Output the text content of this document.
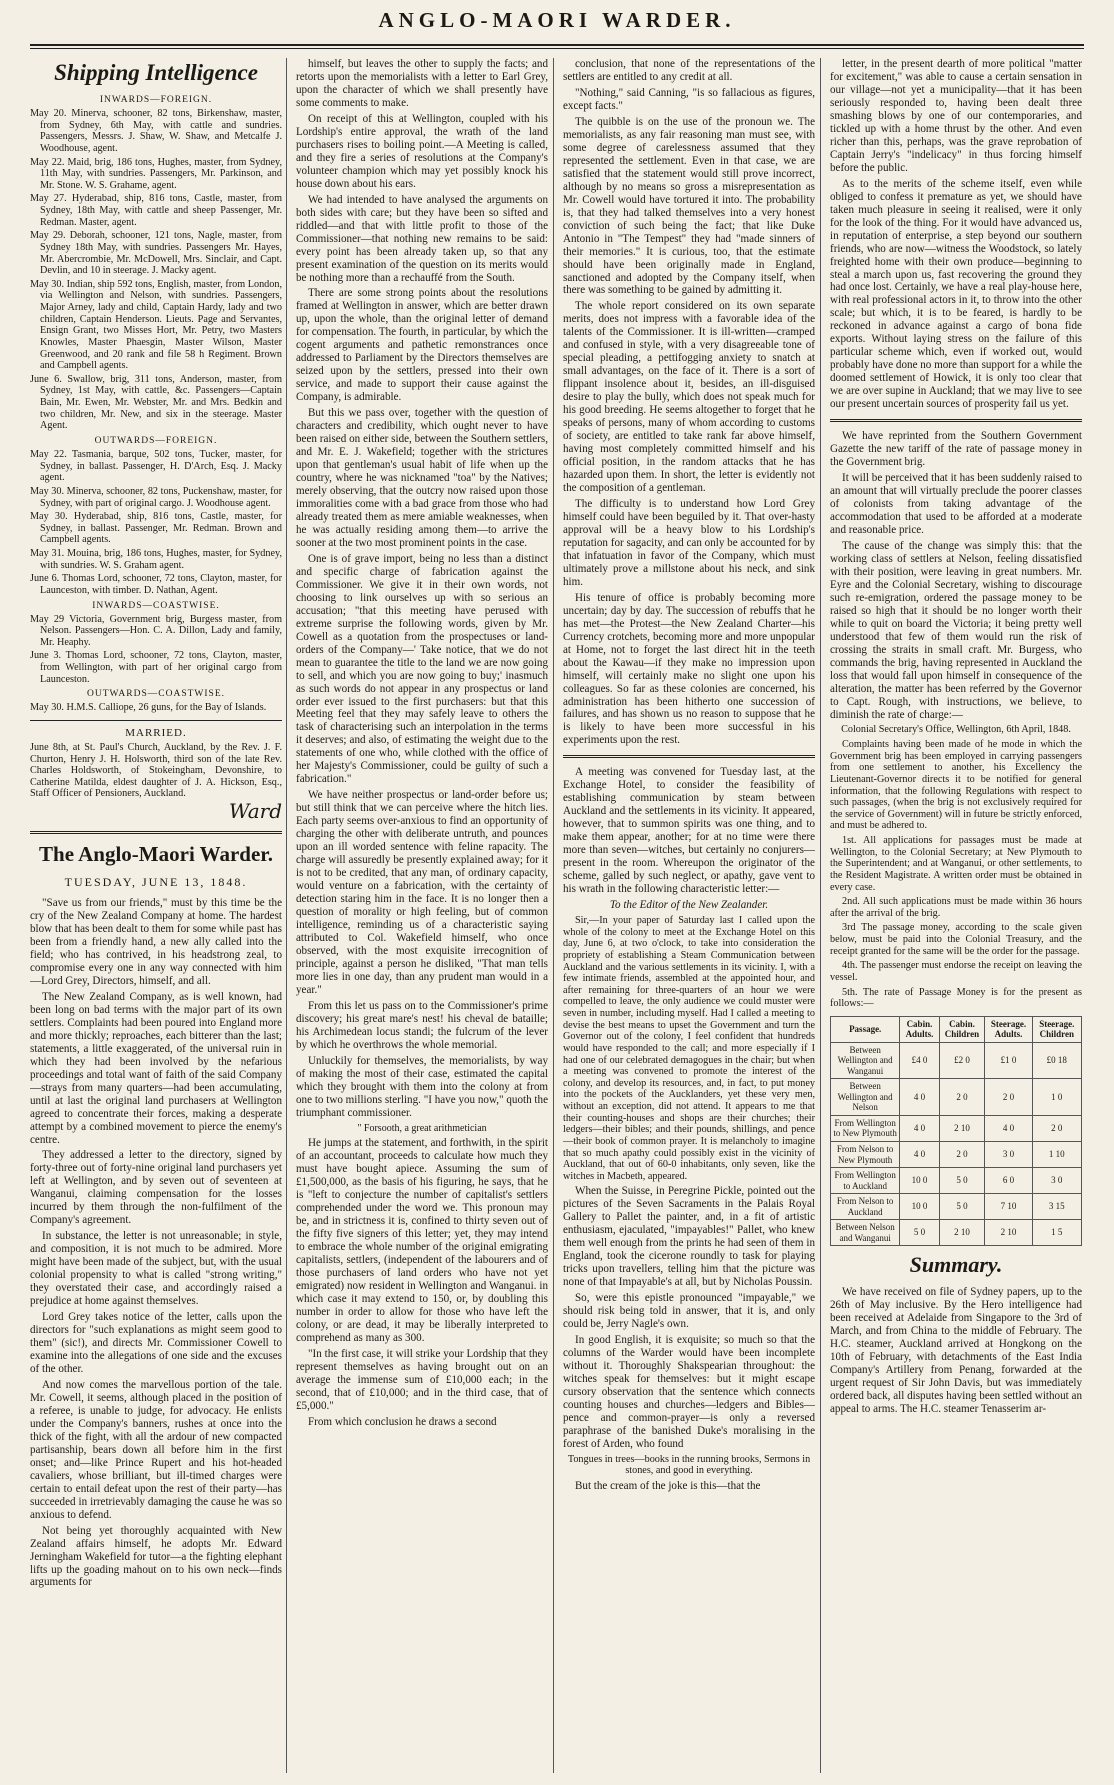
ANGLO-MAORI WARDER.
Shipping Intelligence
INWARDS—FOREIGN.
May 20. Minerva, schooner, 82 tons, Birkenshaw, master, from Sydney, 6th May, with cattle and sundries. Passengers, Messrs. J. Shaw, W. Shaw, and Metcalfe J. Woodhouse, agent.
May 22. Maid, brig, 186 tons, Hughes, master, from Sydney, 11th May, with sundries. Passengers, Mr. Parkinson, and Mr. Stone. W. S. Grahame, agent.
May 27. Hyderabad, ship, 816 tons, Castle, master, from Sydney, 18th May, with cattle and sheep Passenger, Mr. Redman. Master, agent.
May 29. Deborah, schooner, 121 tons, Nagle, master, from Sydney 18th May, with sundries. Passengers Mr. Hayes, Mr. Abercrombie, Mr. McDowell, Mrs. Sinclair, and Capt. Devlin, and 10 in steerage. J. Macky agent.
May 30. Indian, ship 592 tons, English, master, from London, via Wellington and Nelson, with sundries. Passengers, Major Arney, lady and child, Captain Hardy, lady and two children, Captain Henderson. Lieuts. Page and Servantes, Ensign Grant, two Misses Hort, Mr. Petry, two Masters Knowles, Master Phaesgin, Master Wilson, Master Greenwood, and 20 rank and file 58 h Regiment. Brown and Campbell agents.
June 6. Swallow, brig, 311 tons, Anderson, master, from Sydney, 1st May, with cattle, &c. Passengers—Captain Bain, Mr. Ewen, Mr. Webster, Mr. and Mrs. Bedkin and two children, Mr. New, and six in the steerage. Master Agent.
OUTWARDS—FOREIGN.
May 22. Tasmania, barque, 502 tons, Tucker, master, for Sydney, in ballast. Passenger, H. D'Arch, Esq. J. Macky agent.
May 30. Minerva, schooner, 82 tons, Puckenshaw, master, for Sydney, with part of original cargo. J. Woodhouse agent.
May 30. Hyderabad, ship, 816 tons, Castle, master, for Sydney, in ballast. Passenger, Mr. Redman. Brown and Campbell agents.
May 31. Mouina, brig, 186 tons, Hughes, master, for Sydney, with sundries. W. S. Graham agent.
June 6. Thomas Lord, schooner, 72 tons, Clayton, master, for Launceston, with timber. D. Nathan, Agent.
INWARDS—COASTWISE.
May 29 Victoria, Government brig, Burgess master, from Nelson. Passengers—Hon. C. A. Dillon, Lady and family, Mr. Heaphy.
June 3. Thomas Lord, schooner, 72 tons, Clayton, master, from Wellington, with part of her original cargo from Launceston.
OUTWARDS—COASTWISE.
May 30. H.M.S. Calliope, 26 guns, for the Bay of Islands.
MARRIED.
June 8th, at St. Paul's Church, Auckland, by the Rev. J. F. Churton, Henry J. H. Holsworth, third son of the late Rev. Charles Holdsworth, of Stokeingham, Devonshire, to Catherine Matilda, eldest daughter of J. A. Hickson, Esq., Staff Officer of Pensioners, Auckland.
Ward
The Anglo-Maori Warder.
TUESDAY, JUNE 13, 1848.

"Save us from our friends," must by this time be the cry of the New Zealand Company at home. The hardest blow that has been dealt to them for some while past has been from a friendly hand, a new ally called into the field; who has contrived, in his headstrong zeal, to compromise every one in any way connected with him—Lord Grey, Directors, himself, and all.

The New Zealand Company, as is well known, had been long on bad terms with the major part of its own settlers. Complaints had been poured into England more and more thickly; reproaches, each bitterer than the last; statements, a little exaggerated, of the universal ruin in which they had been involved by the nefarious proceedings and total want of faith of the said Company—strays from many quarters—had been accumulating, until at last the original land purchasers at Wellington agreed to concentrate their forces, making a desperate attempt by a combined movement to pierce the enemy's centre.

They addressed a letter to the directory, signed by forty-three out of forty-nine original land purchasers yet left at Wellington, and by seven out of seventeen at Wanganui, claiming compensation for the losses incurred by them through the non-fulfilment of the Company's agreement.

In substance, the letter is not unreasonable; in style, and composition, it is not much to be admired. More might have been made of the subject, but, with the usual colonial propensity to what is called "strong writing," they overstated their case, and accordingly raised a prejudice at home against themselves.

Lord Grey takes notice of the letter, calls upon the directors for "such explanations as might seem good to them" (sic!), and directs Mr. Commissioner Cowell to examine into the allegations of one side and the excuses of the other.

And now comes the marvellous portion of the tale. Mr. Cowell, it seems, although placed in the position of a referee, is unable to judge, for advocacy. He enlists under the Company's banners, rushes at once into the thick of the fight, with all the ardour of new compacted partisanship, bears down all before him in the first onset; and—like Prince Rupert and his hot-headed cavaliers, whose brilliant, but ill-timed charges were certain to entail defeat upon the rest of their party—has succeeded in irretrievably damaging the cause he was so anxious to defend.

Not being yet thoroughly acquainted with New Zealand affairs himself, he adopts Mr. Edward Jerningham Wakefield for tutor—a the fighting elephant lifts up the goading mahout on to his own neck—finds arguments for

himself, but leaves the other to supply the facts; and retorts upon the memorialists with a letter to Earl Grey, upon the character of which we shall presently have some comments to make.

On receipt of this at Wellington, coupled with his Lordship's entire approval, the wrath of the land purchasers rises to boiling point.—A Meeting is called, and they fire a series of resolutions at the Company's volunteer champion which may yet possibly knock his house down about his ears.

We had intended to have analysed the arguments on both sides with care; but they have been so sifted and riddled—and that with little profit to those of the Commissioner—that nothing new remains to be said: every point has been already taken up, so that any present examination of the question on its merits would be nothing more than a rechauffé from the South.

There are some strong points about the resolutions framed at Wellington in answer, which are better drawn up, upon the whole, than the original letter of demand for compensation. The fourth, in particular, by which the cogent arguments and pathetic remonstrances once addressed to Parliament by the Directors themselves are seized upon by the settlers, pressed into their own service, and made to support their cause against the Company, is admirable.

But this we pass over, together with the question of characters and credibility, which ought never to have been raised on either side, between the Southern settlers, and Mr. E. J. Wakefield; together with the strictures upon that gentleman's usual habit of life when up the country, where he was nicknamed "toa" by the Natives; merely observing, that the outcry now raised upon those immoralities come with a bad grace from those who had already treated them as mere amiable weaknesses, when he was actually residing among them—to arrive the sooner at the two most prominent points in the case.

One is of grave import, being no less than a distinct and specific charge of fabrication against the Commissioner. We give it in their own words, not choosing to link ourselves up with so serious an accusation; "that this meeting have perused with extreme surprise the following words, given by Mr. Cowell as a quotation from the prospectuses or land-orders of the Company—' Take notice, that we do not mean to guarantee the title to the land we are now going to sell, and which you are now going to buy;' inasmuch as such words do not appear in any prospectus or land order ever issued to the first purchasers: but that this Meeting feel that they may safely leave to others the task of characterising such an interpolation in the terms it deserves; and also, of estimating the weight due to the statements of one who, while clothed with the office of her Majesty's Commissioner, could be guilty of such a fabrication."

We have neither prospectus or land-order before us; but still think that we can perceive where the hitch lies. Each party seems over-anxious to find an opportunity of charging the other with deliberate untruth, and pounces upon an ill worded sentence with feline rapacity. The charge will assuredly be presently explained away; for it is not to be credited, that any man, of ordinary capacity, would venture on a fabrication, with the certainty of detection staring him in the face. It is no longer then a question of morality or high feeling, but of common intelligence, reminding us of a characteristic saying attributed to Col. Wakefield himself, who once observed, with the most exquisite irrecognition of principle, against a person he disliked, "That man tells more lies in one day, than any prudent man would in a year."

From this let us pass on to the Commissioner's prime discovery; his great mare's nest! his cheval de bataille; his Archimedean locus standi; the fulcrum of the lever by which he overthrows the whole memorial.

Unluckily for themselves, the memorialists, by way of making the most of their case, estimated the capital which they brought with them into the colony at from one to two millions sterling. "I have you now," quoth the triumphant commissioner.

" Forsooth, a great arithmetician

He jumps at the statement, and forthwith, in the spirit of an accountant, proceeds to calculate how much they must have bought apiece. Assuming the sum of £1,500,000, as the basis of his figuring, he says, that he is "left to conjecture the number of capitalist's settlers comprehended under the word we. This pronoun may be, and in strictness it is, confined to thirty seven out of the fifty five signers of this letter; yet, they may intend to embrace the whole number of the original emigrating capitalists, settlers, (independent of the labourers and of those purchasers of land orders who have not yet emigrated) now resident in Wellington and Wanganui. in which case it may extend to 150, or, by doubling this number in order to allow for those who have left the colony, or are dead, it may be liberally interpreted to comprehend as many as 300.

"In the first case, it will strike your Lordship that they represent themselves as having brought out on an average the immense sum of £10,000 each; in the second, that of £10,000; and in the third case, that of £5,000."

From which conclusion he draws a second

conclusion, that none of the representations of the settlers are entitled to any credit at all.

"Nothing," said Canning, "is so fallacious as figures, except facts."

The quibble is on the use of the pronoun we. The memorialists, as any fair reasoning man must see, with some degree of carelessness assumed that they represented the settlement. Even in that case, we are satisfied that the statement would still prove incorrect, although by no means so gross a misrepresentation as Mr. Cowell would have tortured it into. The probability is, that they had talked themselves into a very honest conviction of such being the fact; that like Duke Antonio in "The Tempest" they had "made sinners of their memories." It is curious, too, that the estimate should have been originally made in England, sanctioned and adopted by the Company itself, when there was something to be gained by admitting it.

The whole report considered on its own separate merits, does not impress with a favorable idea of the talents of the Commissioner. It is ill-written—cramped and confused in style, with a very disagreeable tone of special pleading, a pettifogging anxiety to snatch at small advantages, on the face of it. There is a sort of flippant insolence about it, besides, an ill-disguised desire to play the bully, which does not speak much for his good breeding. He seems altogether to forget that he speaks of persons, many of whom according to customs of society, are entitled to take rank far above himself, having most completely committed himself and his official position, in the random attacks that he has hazarded upon them. In short, the letter is evidently not the composition of a gentleman.

The difficulty is to understand how Lord Grey himself could have been beguiled by it. That over-hasty approval will be a heavy blow to his Lordship's reputation for sagacity, and can only be accounted for by that infatuation in favor of the Company, which must ultimately prove a millstone about his neck, and sink him.

His tenure of office is probably becoming more uncertain; day by day. The succession of rebuffs that he has met—the Protest—the New Zealand Charter—his Currency crotchets, becoming more and more unpopular at Home, not to forget the last direct hit in the teeth about the Kawau—if they make no impression upon himself, will certainly make no slight one upon his colleagues. So far as these colonies are concerned, his administration has been hitherto one succession of failures, and has shown us no reason to suppose that he is likely to have been more successful in his experiments upon the rest.

A meeting was convened for Tuesday last, at the Exchange Hotel, to consider the feasibility of establishing communication by steam between Auckland and the settlements in its vicinity. It appeared, however, that to summon spirits was one thing, and to make them appear, another; for at no time were there more than seven—witches, but certainly no conjurers—present in the room. Whereupon the originator of the scheme, galled by such neglect, or apathy, gave vent to his wrath in the following characteristic letter:—

To the Editor of the New Zealander.

Sir,—In your paper of Saturday last I called upon the whole of the colony to meet at the Exchange Hotel on this day, June 6, at two o'clock, to take into consideration the propriety of establishing a Steam Communication between Auckland and the various settlements in its vicinity. I, with a few intimate friends, assembled at the appointed hour, and after remaining for three-quarters of an hour we were compelled to leave, the only audience we could muster were seven in number, including myself. Had I called a meeting to devise the best means to upset the Government and turn the Governor out of the colony, I feel confident that hundreds would have responded to the call; and more especially if I had one of our celebrated demagogues in the chair; but when a meeting was convened to promote the interest of the colony, and develop its resources, and, in fact, to put money into the pockets of the Aucklanders, yet these very men, without an exception, did not attend. It appears to me that their counting-houses and shops are their churches; their ledgers—their bibles; and their pounds, shillings, and pence—their book of common prayer. It is melancholy to imagine that so much apathy could possibly exist in the vicinity of Auckland, that out of 60-0 inhabitants, only seven, like the witches in Macbeth, appeared.

When the Suisse, in Peregrine Pickle, pointed out the pictures of the Seven Sacraments in the Palais Royal Gallery to Pallet the painter, and, in a fit of artistic enthusiasm, ejaculated, "impayables!" Pallet, who knew them well enough from the prints he had seen of them in England, took the cicerone roundly to task for playing tricks upon travellers, telling him that the picture was none of that Impayable's at all, but by Nicholas Poussin.

So, were this epistle pronounced "impayable," we should risk being told in answer, that it is, and only could be, Jerry Nagle's own.

In good English, it is exquisite; so much so that the columns of the Warder would have been incomplete without it. Thoroughly Shakspearian throughout: the witches speak for themselves: but it might escape cursory observation that the sentence which connects counting houses and churches—ledgers and Bibles—pence and common-prayer—is only a reversed paraphrase of the banished Duke's moralising in the forest of Arden, who found

Tongues in trees—books in the running brooks, Sermons in stones, and good in everything.

But the cream of the joke is this—that the

letter, in the present dearth of more political "matter for excitement," was able to cause a certain sensation in our village—not yet a municipality—that it has been seriously responded to, having been dealt three smashing blows by one of our contemporaries, and tickled up with a home thrust by the other. And even richer than this, perhaps, was the grave reprobation of Captain Jerry's "indelicacy" in thus forcing himself before the public.

As to the merits of the scheme itself, even while obliged to confess it premature as yet, we should have taken much pleasure in seeing it realised, were it only for the look of the thing. For it would have advanced us, in reputation of enterprise, a step beyond our southern friends, who are now—witness the Woodstock, so lately freighted home with their own produce—beginning to steal a march upon us, fast recovering the ground they had once lost. Certainly, we have a real play-house here, with real professional actors in it, to throw into the other scale; but which, it is to be feared, is hardly to be reckoned in advance against a cargo of bona fide exports. Without laying stress on the failure of this particular scheme which, even if worked out, would probably have done no more than support for a while the doomed settlement of Howick, it is only too clear that we are over supine in Auckland; that we may live to see our present uncertain sources of prosperity fail us yet.

We have reprinted from the Southern Government Gazette the new tariff of the rate of passage money in the Government brig.

It will be perceived that it has been suddenly raised to an amount that will virtually preclude the poorer classes of colonists from taking advantage of the accommodation that used to be afforded at a moderate and reasonable price.

The cause of the change was simply this: that the working class of settlers at Nelson, feeling dissatisfied with their position, were leaving in great numbers. Mr. Eyre and the Colonial Secretary, wishing to discourage such re-emigration, ordered the passage money to be raised so high that it should be no longer worth their while to quit on board the Victoria; it being pretty well understood that few of them would run the risk of crossing the straits in small craft. Mr. Burgess, who commands the brig, having represented in Auckland the loss that would fall upon himself in consequence of the alteration, the matter has been referred by the Governor to Capt. Rough, with instructions, we believe, to diminish the rate of charge:—

Colonial Secretary's Office, Wellington, 6th April, 1848.

Complaints having been made of he mode in which the Government brig has been employed in carrying passengers from one settlement to another, his Excellency the Lieutenant-Governor directs it to be notified for general information, that the following Regulations with respect to such passages, (when the brig is not exclusively required for the service of Government) will in future be strictly enforced, and must be adhered to.

1st. All applications for passages must be made at Wellington, to the Colonial Secretary; at New Plymouth to the Superintendent; and at Wanganui, or other settlements, to the Resident Magistrate. A written order must be obtained in every case.

2nd. All such applications must be made within 36 hours after the arrival of the brig.

3rd The passage money, according to the scale given below, must be paid into the Colonial Treasury, and the receipt granted for the same will be the order for the passage.

4th. The passenger must endorse the receipt on leaving the vessel.

5th. The rate of Passage Money is for the present as follows:—

Passage.	Cabin. Adults.	Cabin. Children	Steerage. Adults.	Steerage. Children
Between Wellington and Wanganui	£4 0	£2 0	£1 0	£0 18
Between Wellington and Nelson	4 0	2 0	2 0	1 0
From Wellington to New Plymouth	4 0	2 10	4 0	2 0
From Nelson to New Plymouth	4 0	2 0	3 0	1 10
From Wellington to Auckland	10 0	5 0	6 0	3 0
From Nelson to Auckland	10 0	5 0	7 10	3 15
Between Nelson and Wanganui	5 0	2 10	2 10	1 5
Summary.

We have received on file of Sydney papers, up to the 26th of May inclusive. By the Hero intelligence had been received at Adelaide from Singapore to the 3rd of March, and from China to the middle of February. The H.C. steamer, Auckland arrived at Hongkong on the 10th of February, with detachments of the East India Company's Artillery from Penang, forwarded at the urgent request of Sir John Davis, but was immediately ordered back, all disputes having been settled without an appeal to arms. The H.C. steamer Tenasserim ar-
